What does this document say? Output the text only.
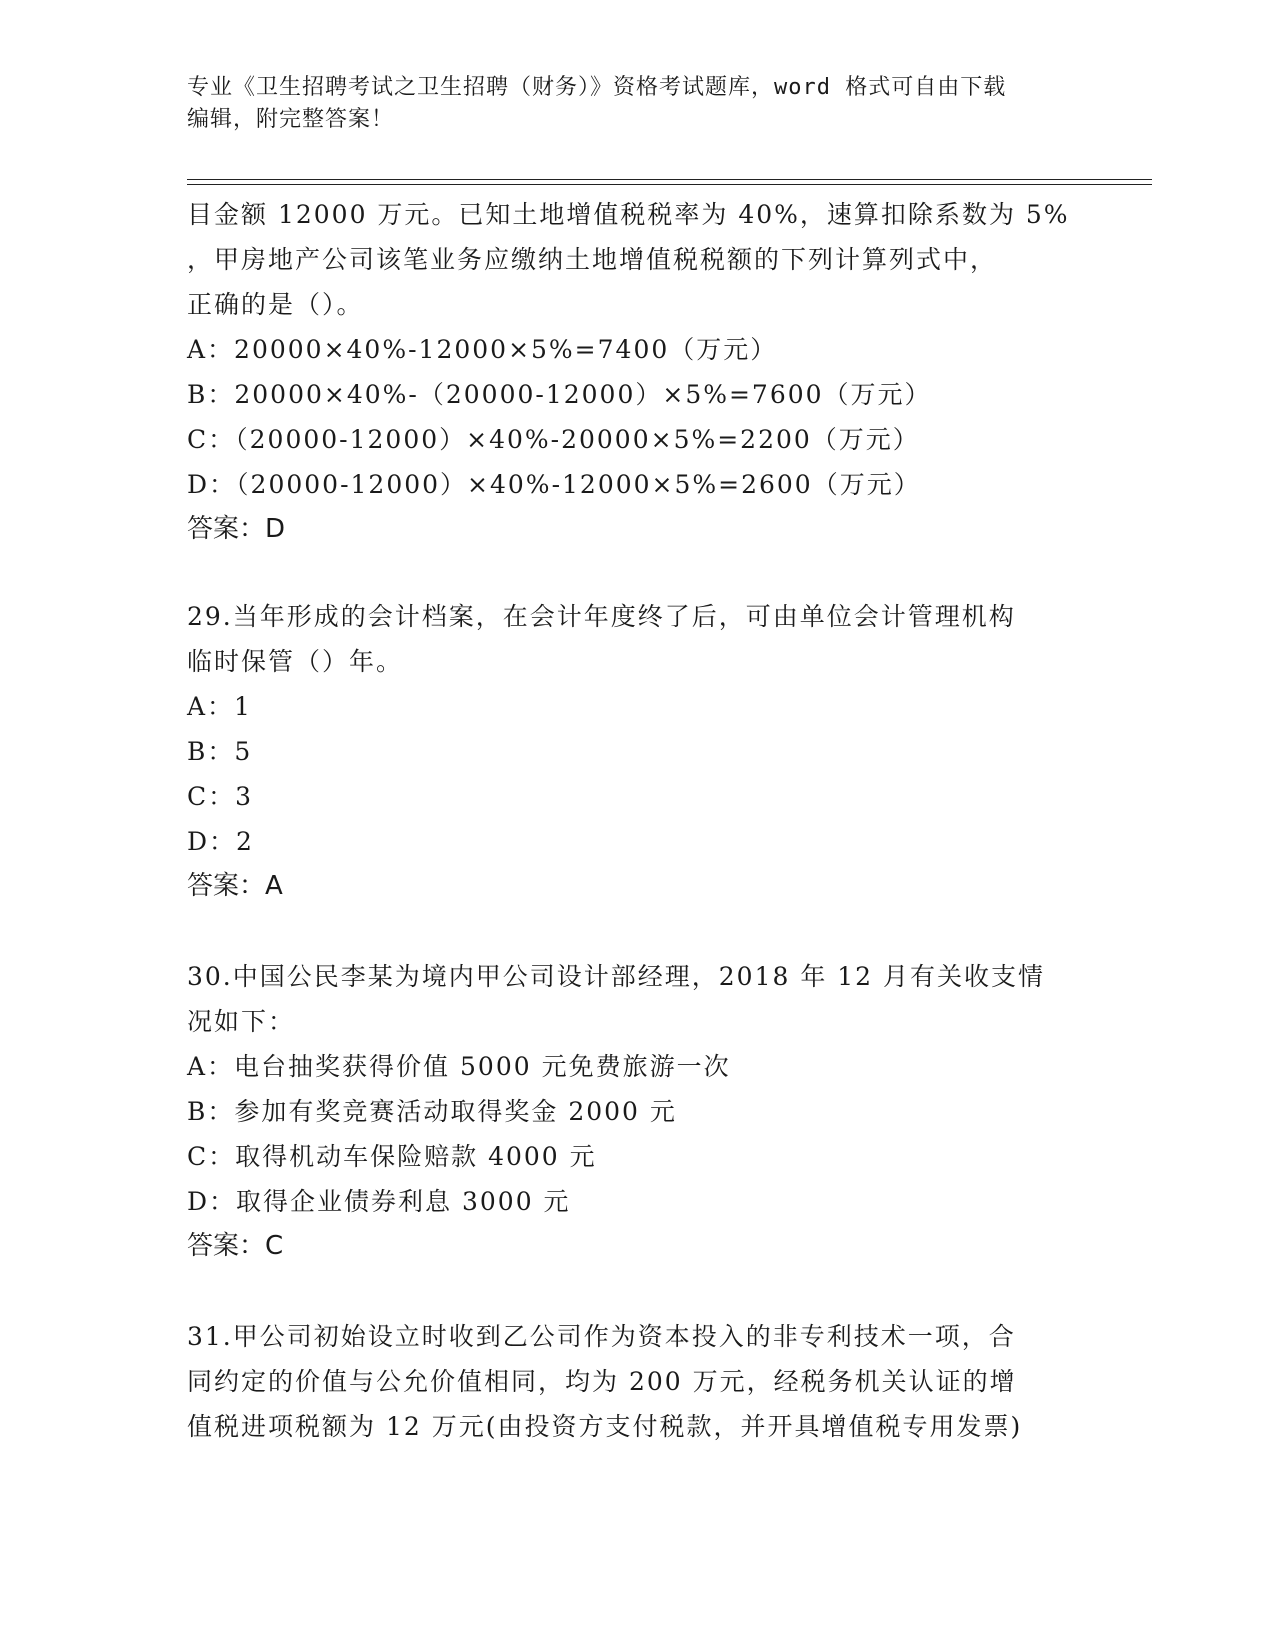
专业《卫生招聘考试之卫生招聘（财务）》资格考试题库，word 格式可自由下载
编辑，附完整答案！
目金额 12000 万元。已知土地增值税税率为 40%，速算扣除系数为 5%
，甲房地产公司该笔业务应缴纳土地增值税税额的下列计算列式中，
正确的是（）。
A：20000×40%-12000×5%=7400（万元）
B：20000×40%-（20000-12000）×5%=7600（万元）
C：（20000-12000）×40%-20000×5%=2200（万元）
D：（20000-12000）×40%-12000×5%=2600（万元）
答案：D
29.当年形成的会计档案，在会计年度终了后，可由单位会计管理机构
临时保管（）年。
A：1
B：5
C：3
D：2
答案：A
30.中国公民李某为境内甲公司设计部经理，2018 年 12 月有关收支情
况如下：
A：电台抽奖获得价值 5000 元免费旅游一次
B：参加有奖竞赛活动取得奖金 2000 元
C：取得机动车保险赔款 4000 元
D：取得企业债券利息 3000 元
答案：C
31.甲公司初始设立时收到乙公司作为资本投入的非专利技术一项，合
同约定的价值与公允价值相同，均为 200 万元，经税务机关认证的增
值税进项税额为 12 万元(由投资方支付税款，并开具增值税专用发票)
